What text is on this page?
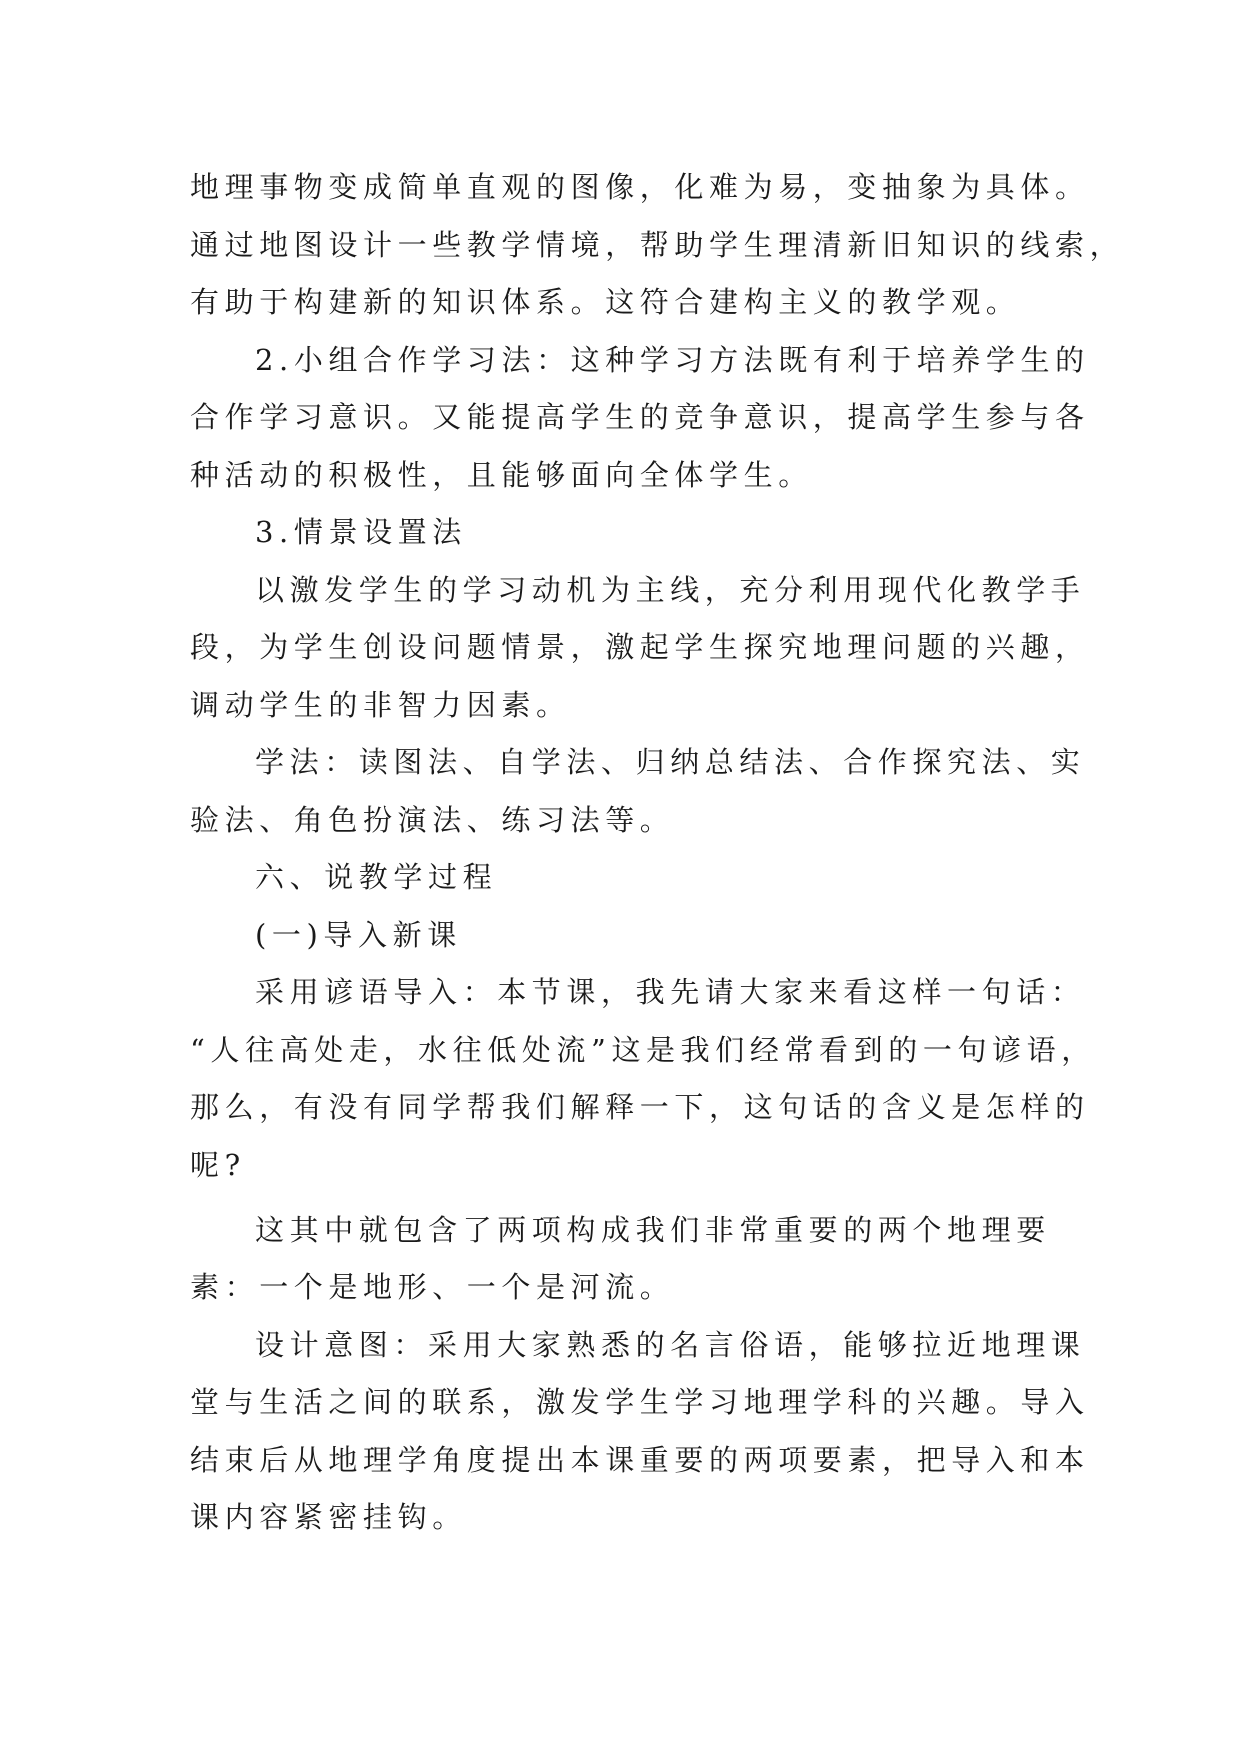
地理事物变成简单直观的图像，化难为易，变抽象为具体。
通过地图设计一些教学情境，帮助学生理清新旧知识的线索，
有助于构建新的知识体系。这符合建构主义的教学观。
2.小组合作学习法：这种学习方法既有利于培养学生的
合作学习意识。又能提高学生的竞争意识，提高学生参与各
种活动的积极性，且能够面向全体学生。
3.情景设置法
以激发学生的学习动机为主线，充分利用现代化教学手
段，为学生创设问题情景，激起学生探究地理问题的兴趣，
调动学生的非智力因素。
学法：读图法、自学法、归纳总结法、合作探究法、实
验法、角色扮演法、练习法等。
六、说教学过程
(一)导入新课
采用谚语导入：本节课，我先请大家来看这样一句话：
“人往高处走，水往低处流”这是我们经常看到的一句谚语，
那么，有没有同学帮我们解释一下，这句话的含义是怎样的
呢?
这其中就包含了两项构成我们非常重要的两个地理要
素：一个是地形、一个是河流。
设计意图：采用大家熟悉的名言俗语，能够拉近地理课
堂与生活之间的联系，激发学生学习地理学科的兴趣。导入
结束后从地理学角度提出本课重要的两项要素，把导入和本
课内容紧密挂钩。
